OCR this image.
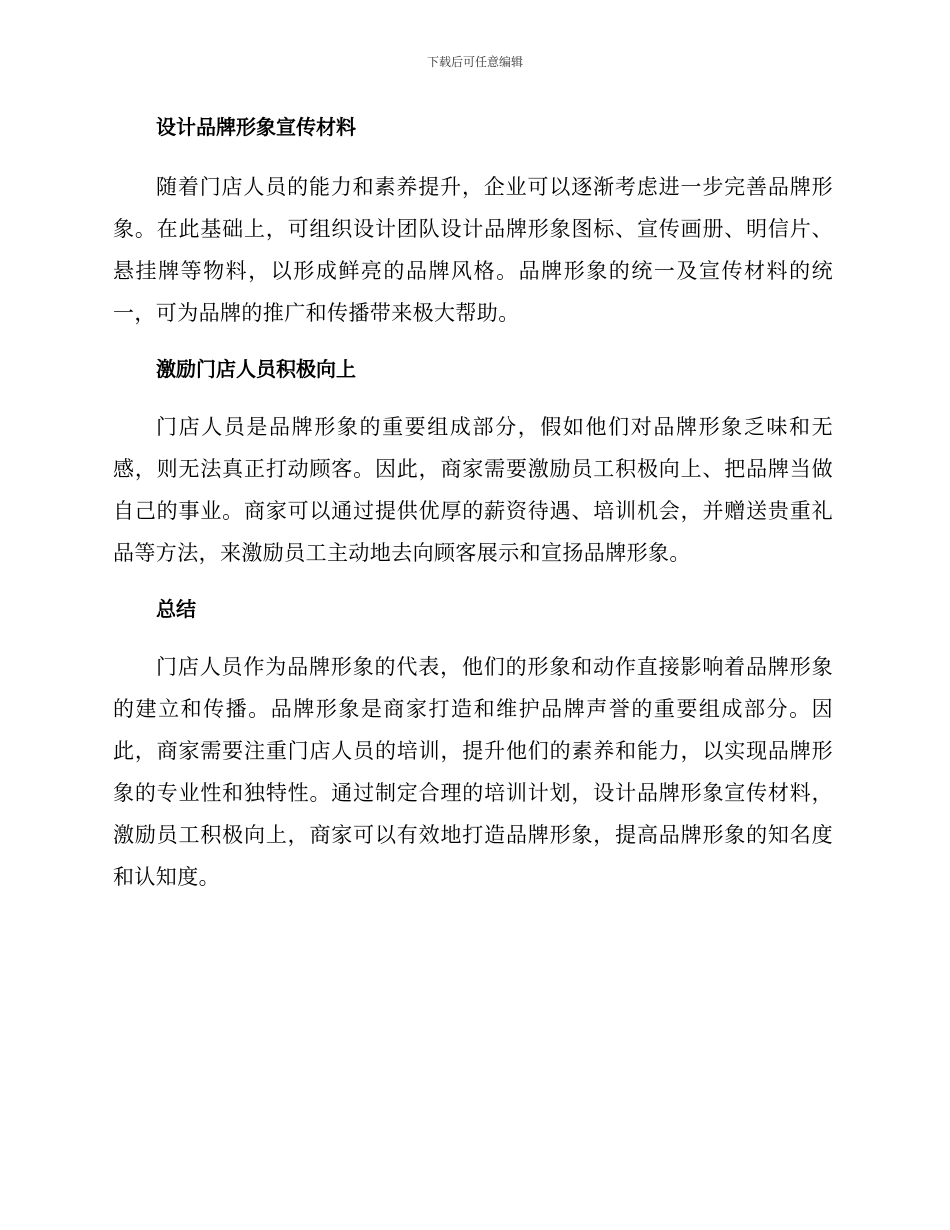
下载后可任意编辑
设计品牌形象宣传材料

随着门店人员的能力和素养提升，企业可以逐渐考虑进一步完善品牌形象。在此基础上，可组织设计团队设计品牌形象图标、宣传画册、明信片、悬挂牌等物料，以形成鲜亮的品牌风格。品牌形象的统一及宣传材料的统一，可为品牌的推广和传播带来极大帮助。

激励门店人员积极向上

门店人员是品牌形象的重要组成部分，假如他们对品牌形象乏味和无感，则无法真正打动顾客。因此，商家需要激励员工积极向上、把品牌当做自己的事业。商家可以通过提供优厚的薪资待遇、培训机会，并赠送贵重礼品等方法，来激励员工主动地去向顾客展示和宣扬品牌形象。

总结

门店人员作为品牌形象的代表，他们的形象和动作直接影响着品牌形象的建立和传播。品牌形象是商家打造和维护品牌声誉的重要组成部分。因此，商家需要注重门店人员的培训，提升他们的素养和能力，以实现品牌形象的专业性和独特性。通过制定合理的培训计划，设计品牌形象宣传材料，激励员工积极向上，商家可以有效地打造品牌形象，提高品牌形象的知名度和认知度。
